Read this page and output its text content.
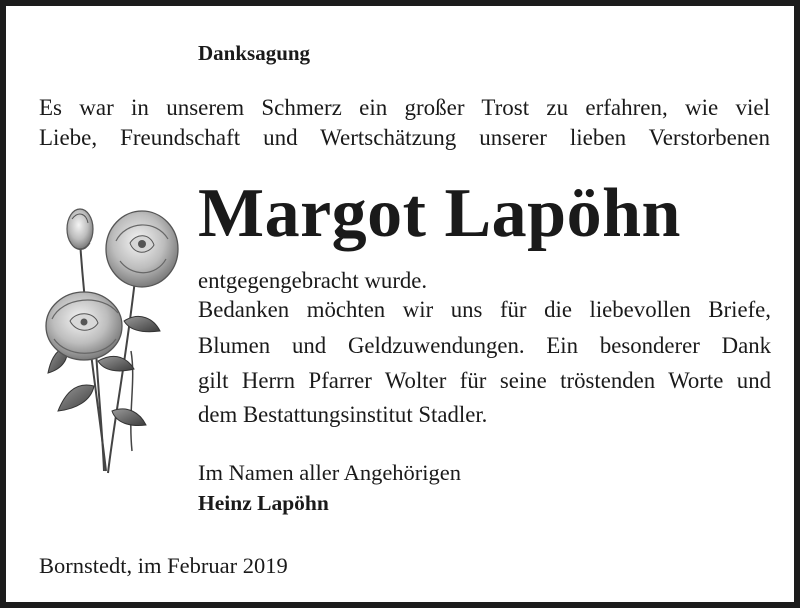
Danksagung
Es war in unserem Schmerz ein großer Trost zu erfahren, wie viel
Liebe, Freundschaft und Wertschätzung unserer lieben Verstorbenen
Margot Lapöhn
entgegengebracht wurde.
Bedanken möchten wir uns für die liebevollen Briefe,
Blumen und Geldzuwendungen. Ein besonderer Dank
gilt Herrn Pfarrer Wolter für seine tröstenden Worte und
dem Bestattungsinstitut Stadler.
Im Namen aller Angehörigen
Heinz Lapöhn
Bornstedt, im Februar 2019
